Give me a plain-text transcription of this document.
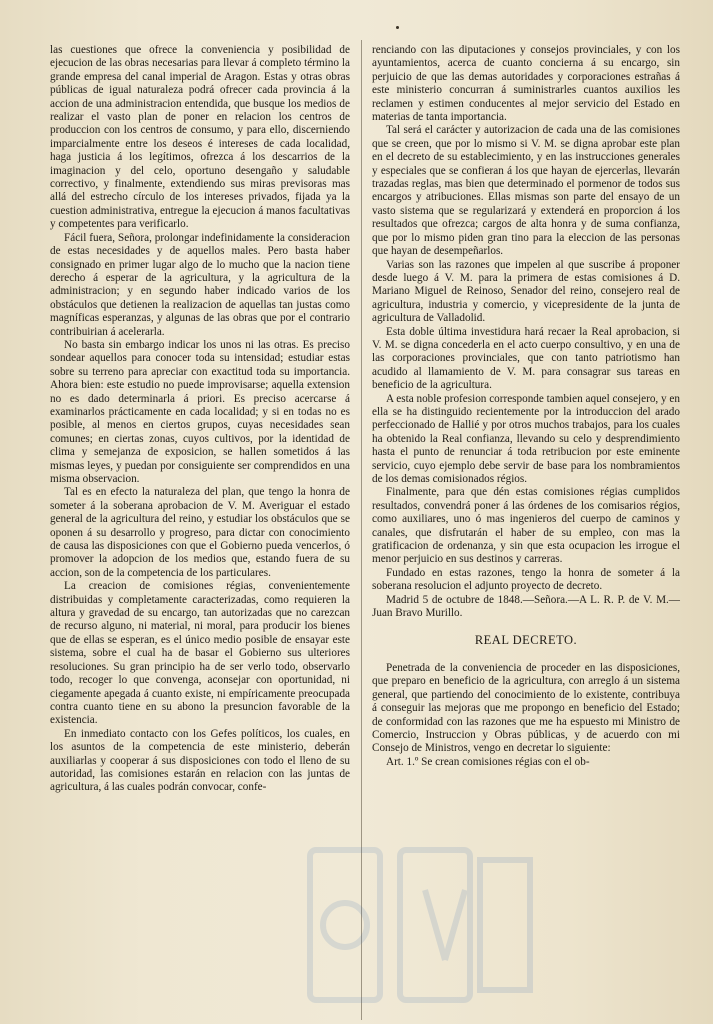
las cuestiones que ofrece la conveniencia y posibilidad de ejecucion de las obras necesarias para llevar á completo término la grande empresa del canal imperial de Aragon. Estas y otras obras públicas de igual naturaleza podrá ofrecer cada provincia á la accion de una administracion entendida, que busque los medios de realizar el vasto plan de poner en relacion los centros de produccion con los centros de consumo, y para ello, discerniendo imparcialmente entre los deseos é intereses de cada localidad, haga justicia á los legítimos, ofrezca á los descarrios de la imaginacion y del celo, oportuno desengaño y saludable correctivo, y finalmente, extendiendo sus miras previsoras mas allá del estrecho círculo de los intereses privados, fijada ya la cuestion administrativa, entregue la ejecucion á manos facultativas y competentes para verificarlo.

Fácil fuera, Señora, prolongar indefinidamente la consideracion de estas necesidades y de aquellos males. Pero basta haber consignado en primer lugar algo de lo mucho que la nacion tiene derecho á esperar de la agricultura, y la agricultura de la administracion; y en segundo haber indicado varios de los obstáculos que detienen la realizacion de aquellas tan justas como magníficas esperanzas, y algunas de las obras que por el contrario contribuirian á acelerarla.

No basta sin embargo indicar los unos ni las otras. Es preciso sondear aquellos para conocer toda su intensidad; estudiar estas sobre su terreno para apreciar con exactitud toda su importancia. Ahora bien: este estudio no puede improvisarse; aquella extension no es dado determinarla á priori. Es preciso acercarse á examinarlos prácticamente en cada localidad; y si en todas no es posible, al menos en ciertos grupos, cuyas necesidades sean comunes; en ciertas zonas, cuyos cultivos, por la identidad de clima y semejanza de exposicion, se hallen sometidos á las mismas leyes, y puedan por consiguiente ser comprendidos en una misma observacion.

Tal es en efecto la naturaleza del plan, que tengo la honra de someter á la soberana aprobacion de V. M. Averiguar el estado general de la agricultura del reino, y estudiar los obstáculos que se oponen á su desarrollo y progreso, para dictar con conocimiento de causa las disposiciones con que el Gobierno pueda vencerlos, ó promover la adopcion de los medios que, estando fuera de su accion, son de la competencia de los particulares.

La creacion de comisiones régias, convenientemente distribuidas y completamente caracterizadas, como requieren la altura y gravedad de su encargo, tan autorizadas que no carezcan de recurso alguno, ni material, ni moral, para producir los bienes que de ellas se esperan, es el único medio posible de ensayar este sistema, sobre el cual ha de basar el Gobierno sus ulteriores resoluciones. Su gran principio ha de ser verlo todo, observarlo todo, recoger lo que convenga, aconsejar con oportunidad, ni ciegamente apegada á cuanto existe, ni empíricamente preocupada contra cuanto tiene en su abono la presuncion favorable de la existencia.

En inmediato contacto con los Gefes políticos, los cuales, en los asuntos de la competencia de este ministerio, deberán auxiliarlas y cooperar á sus disposiciones con todo el lleno de su autoridad, las comisiones estarán en relacion con las juntas de agricultura, á las cuales podrán convocar, confe-

renciando con las diputaciones y consejos provinciales, y con los ayuntamientos, acerca de cuanto concierna á su encargo, sin perjuicio de que las demas autoridades y corporaciones estrañas á este ministerio concurran á suministrarles cuantos auxilios les reclamen y estimen conducentes al mejor servicio del Estado en materias de tanta importancia.

Tal será el carácter y autorizacion de cada una de las comisiones que se creen, que por lo mismo si V. M. se digna aprobar este plan en el decreto de su establecimiento, y en las instrucciones generales y especiales que se confieran á los que hayan de ejercerlas, llevarán trazadas reglas, mas bien que determinado el pormenor de todos sus encargos y atribuciones. Ellas mismas son parte del ensayo de un vasto sistema que se regularizará y extenderá en proporcion á los resultados que ofrezca; cargos de alta honra y de suma confianza, que por lo mismo piden gran tino para la eleccion de las personas que hayan de desempeñarlos.

Varias son las razones que impelen al que suscribe á proponer desde luego á V. M. para la primera de estas comisiones á D. Mariano Miguel de Reinoso, Senador del reino, consejero real de agricultura, industria y comercio, y vicepresidente de la junta de agricultura de Valladolid.

Esta doble última investidura hará recaer la Real aprobacion, si V. M. se digna concederla en el acto cuerpo consultivo, y en una de las corporaciones provinciales, que con tanto patriotismo han acudido al llamamiento de V. M. para consagrar sus tareas en beneficio de la agricultura.

A esta noble profesion corresponde tambien aquel consejero, y en ella se ha distinguido recientemente por la introduccion del arado perfeccionado de Hallié y por otros muchos trabajos, para los cuales ha obtenido la Real confianza, llevando su celo y desprendimiento hasta el punto de renunciar á toda retribucion por este eminente servicio, cuyo ejemplo debe servir de base para los nombramientos de los demas comisionados régios.

Finalmente, para que dén estas comisiones régias cumplidos resultados, convendrá poner á las órdenes de los comisarios régios, como auxiliares, uno ó mas ingenieros del cuerpo de caminos y canales, que disfrutarán el haber de su empleo, con mas la gratificacion de ordenanza, y sin que esta ocupacion les irrogue el menor perjuicio en sus destinos y carreras.

Fundado en estas razones, tengo la honra de someter á la soberana resolucion el adjunto proyecto de decreto.

Madrid 5 de octubre de 1848.—Señora.—A L. R. P. de V. M.—Juan Bravo Murillo.

REAL DECRETO.

Penetrada de la conveniencia de proceder en las disposiciones, que preparo en beneficio de la agricultura, con arreglo á un sistema general, que partiendo del conocimiento de lo existente, contribuya á conseguir las mejoras que me propongo en beneficio del Estado; de conformidad con las razones que me ha espuesto mi Ministro de Comercio, Instruccion y Obras públicas, y de acuerdo con mi Consejo de Ministros, vengo en decretar lo siguiente:

Art. 1.º Se crean comisiones régias con el ob-
